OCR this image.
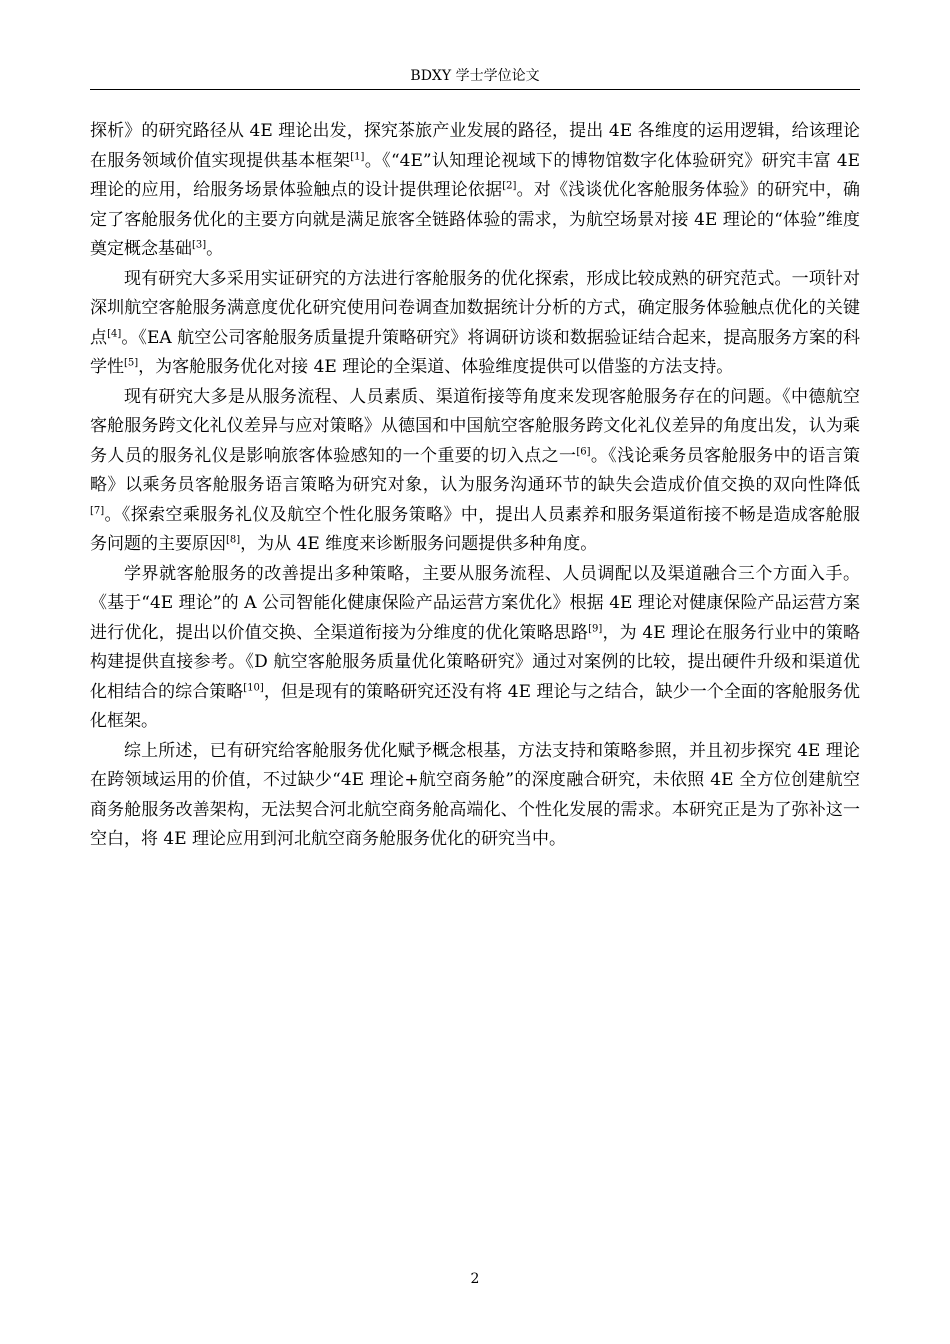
BDXY 学士学位论文

探析》的研究路径从 4E 理论出发，探究茶旅产业发展的路径，提出 4E 各维度的运用逻辑，给该理论在服务领域价值实现提供基本框架[1]。《“4E”认知理论视域下的博物馆数字化体验研究》研究丰富 4E 理论的应用，给服务场景体验触点的设计提供理论依据[2]。对《浅谈优化客舱服务体验》的研究中，确定了客舱服务优化的主要方向就是满足旅客全链路体验的需求，为航空场景对接 4E 理论的“体验”维度奠定概念基础[3]。

现有研究大多采用实证研究的方法进行客舱服务的优化探索，形成比较成熟的研究范式。一项针对深圳航空客舱服务满意度优化研究使用问卷调查加数据统计分析的方式，确定服务体验触点优化的关键点[4]。《EA 航空公司客舱服务质量提升策略研究》将调研访谈和数据验证结合起来，提高服务方案的科学性[5]，为客舱服务优化对接 4E 理论的全渠道、体验维度提供可以借鉴的方法支持。

现有研究大多是从服务流程、人员素质、渠道衔接等角度来发现客舱服务存在的问题。《中德航空客舱服务跨文化礼仪差异与应对策略》从德国和中国航空客舱服务跨文化礼仪差异的角度出发，认为乘务人员的服务礼仪是影响旅客体验感知的一个重要的切入点之一[6]。《浅论乘务员客舱服务中的语言策略》以乘务员客舱服务语言策略为研究对象，认为服务沟通环节的缺失会造成价值交换的双向性降低[7]。《探索空乘服务礼仪及航空个性化服务策略》中，提出人员素养和服务渠道衔接不畅是造成客舱服务问题的主要原因[8]，为从 4E 维度来诊断服务问题提供多种角度。

学界就客舱服务的改善提出多种策略，主要从服务流程、人员调配以及渠道融合三个方面入手。《基于“4E 理论”的 A 公司智能化健康保险产品运营方案优化》根据 4E 理论对健康保险产品运营方案进行优化，提出以价值交换、全渠道衔接为分维度的优化策略思路[9]，为 4E 理论在服务行业中的策略构建提供直接参考。《D 航空客舱服务质量优化策略研究》通过对案例的比较，提出硬件升级和渠道优化相结合的综合策略[10]，但是现有的策略研究还没有将 4E 理论与之结合，缺少一个全面的客舱服务优化框架。

综上所述，已有研究给客舱服务优化赋予概念根基，方法支持和策略参照，并且初步探究 4E 理论在跨领域运用的价值，不过缺少“4E 理论+航空商务舱”的深度融合研究，未依照 4E 全方位创建航空商务舱服务改善架构，无法契合河北航空商务舱高端化、个性化发展的需求。本研究正是为了弥补这一空白，将 4E 理论应用到河北航空商务舱服务优化的研究当中。

2
